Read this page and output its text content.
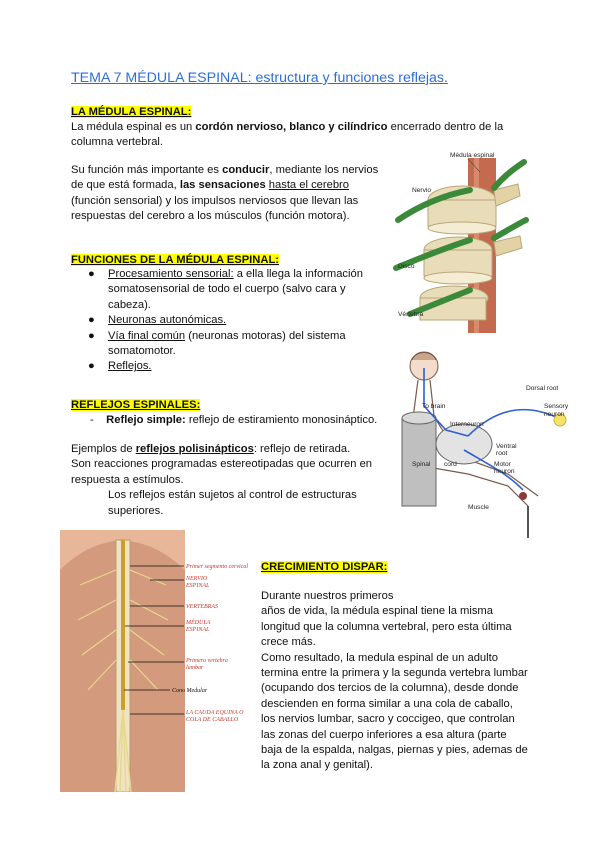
TEMA 7 MÉDULA ESPINAL: estructura y funciones reflejas.
LA MÉDULA ESPINAL:
La médula espinal es un cordón nervioso, blanco y cilíndrico encerrado dentro de la
columna vertebral.
Su función más importante es conducir, mediante los nervios
de que está formada, las sensaciones hasta el cerebro
(función sensorial) y los impulsos nerviosos que llevan las
respuestas del cerebro a los músculos (función motora).
FUNCIONES DE LA MÉDULA ESPINAL:
● Procesamiento sensorial: a ella llega la información
somatosensorial de todo el cuerpo (salvo cara y
cabeza).
● Neuronas autonómicas.
● Vía final común (neuronas motoras) del sistema
somatomotor.
● Reflejos.
REFLEJOS ESPINALES:
- Reflejo simple: reflejo de estiramiento monosináptico.
Ejemplos de reflejos polisinápticos: reflejo de retirada.
Son reacciones programadas estereotipadas que ocurren en
respuesta a estímulos.
Los reflejos están sujetos al control de estructuras
superiores.
CRECIMIENTO DISPAR:
Durante nuestros primeros
años de vida, la médula espinal tiene la misma
longitud que la columna vertebral, pero esta última
crece más.
Como resultado, la medula espinal de un adulto
termina entre la primera y la segunda vertebra lumbar
(ocupando dos tercios de la columna), desde donde
descienden en forma similar a una cola de caballo,
los nervios lumbar, sacro y coccigeo, que controlan
las zonas del cuerpo inferiores a esa altura (parte
baja de la espalda, nalgas, piernas y pies, ademas de
la zona anal y genital).
Médula espinal
Nervio
Disco
Vértebra
Dorsal root
Sensory
neuron
To brain
Interneuron
Ventral
root
Motor
neuron
Spinal cord
Muscle
Primer segmento cervical
NERVIO
ESPINAL
VERTEBRAS
MÉDULA
ESPINAL
Primera vertebra
lumbar
Cono Medular
LA CAUDA EQUINA O
COLA DE CABALLO
